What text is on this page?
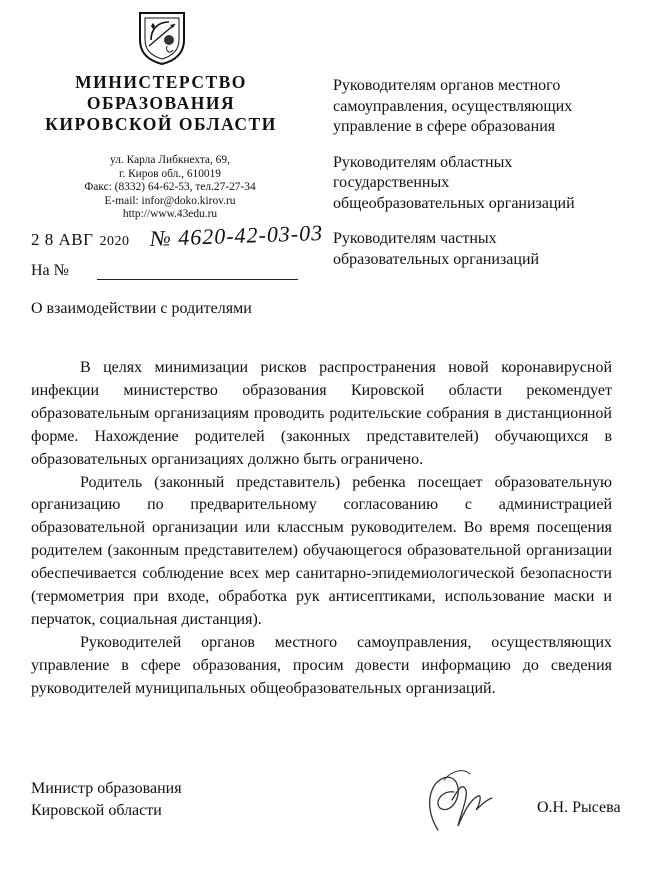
МИНИСТЕРСТВО
ОБРАЗОВАНИЯ
КИРОВСКОЙ ОБЛАСТИ
ул. Карла Либкнехта, 69,
г. Киров обл., 610019
Факс: (8332) 64-62-53, тел.27-27-34
E-mail: infor@doko.kirov.ru
http://www.43edu.ru
2 8 АВГ 2020 № 4620-42-03-03
На №
О взаимодействии с родителями
Руководителям органов местного
самоуправления, осуществляющих
управление в сфере образования
Руководителям областных
государственных
общеобразовательных организаций
Руководителям частных
образовательных организаций

В целях минимизации рисков распространения новой коронавирусной инфекции министерство образования Кировской области рекомендует образовательным организациям проводить родительские собрания в дистанционной форме. Нахождение родителей (законных представителей) обучающихся в образовательных организациях должно быть ограничено.

Родитель (законный представитель) ребенка посещает образовательную организацию по предварительному согласованию с администрацией образовательной организации или классным руководителем. Во время посещения родителем (законным представителем) обучающегося образовательной организации обеспечивается соблюдение всех мер санитарно-эпидемиологической безопасности (термометрия при входе, обработка рук антисептиками, использование маски и перчаток, социальная дистанция).

Руководителей органов местного самоуправления, осуществляющих управление в сфере образования, просим довести информацию до сведения руководителей муниципальных общеобразовательных организаций.

Министр образования
Кировской области	О.Н. Рысева
